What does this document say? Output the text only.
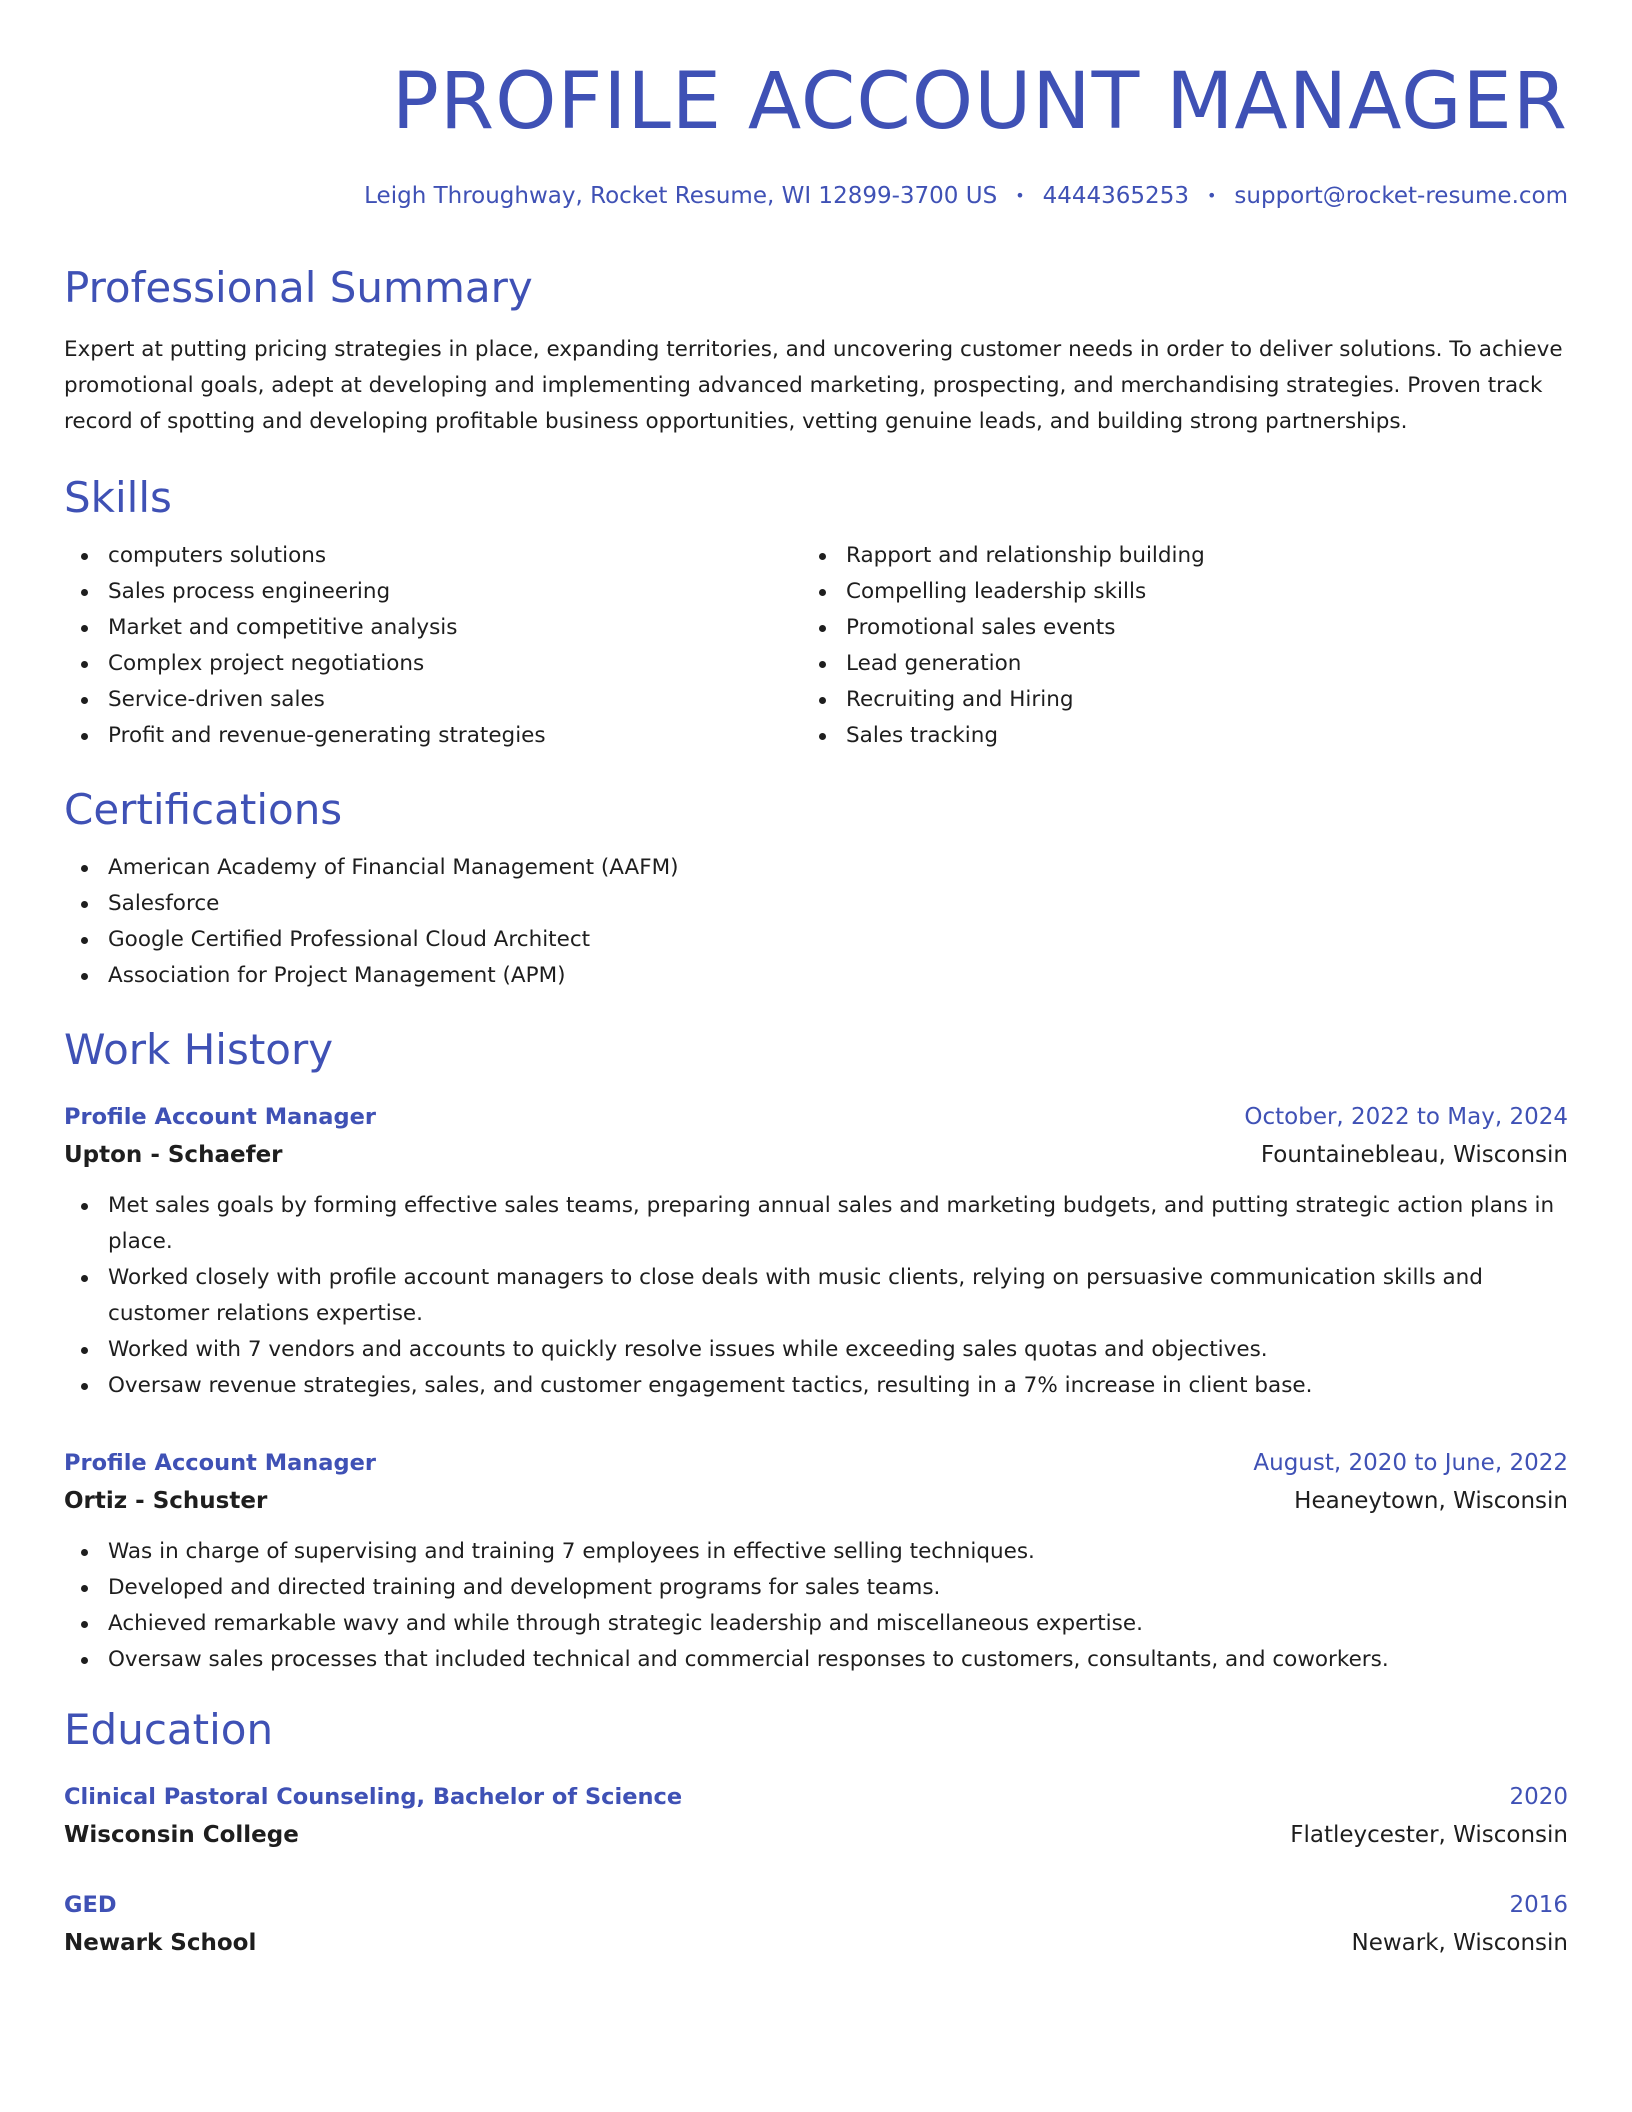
PROFILE ACCOUNT MANAGER
Leigh Throughway, Rocket Resume, WI 12899-3700 US • 4444365253 • support@rocket-resume.com
Professional Summary

Expert at putting pricing strategies in place, expanding territories, and uncovering customer needs in order to deliver solutions. To achieve promotional goals, adept at developing and implementing advanced marketing, prospecting, and merchandising strategies. Proven track record of spotting and developing profitable business opportunities, vetting genuine leads, and building strong partnerships.

Skills
computers solutions
Sales process engineering
Market and competitive analysis
Complex project negotiations
Service-driven sales
Profit and revenue-generating strategies
Rapport and relationship building
Compelling leadership skills
Promotional sales events
Lead generation
Recruiting and Hiring
Sales tracking
Certifications
American Academy of Financial Management (AAFM)
Salesforce
Google Certified Professional Cloud Architect
Association for Project Management (APM)
Work History
Profile Account Manager	October, 2022 to May, 2024
Upton - Schaefer	Fountainebleau, Wisconsin
Met sales goals by forming effective sales teams, preparing annual sales and marketing budgets, and putting strategic action plans in place.
Worked closely with profile account managers to close deals with music clients, relying on persuasive communication skills and customer relations expertise.
Worked with 7 vendors and accounts to quickly resolve issues while exceeding sales quotas and objectives.
Oversaw revenue strategies, sales, and customer engagement tactics, resulting in a 7% increase in client base.
Profile Account Manager	August, 2020 to June, 2022
Ortiz - Schuster	Heaneytown, Wisconsin
Was in charge of supervising and training 7 employees in effective selling techniques.
Developed and directed training and development programs for sales teams.
Achieved remarkable wavy and while through strategic leadership and miscellaneous expertise.
Oversaw sales processes that included technical and commercial responses to customers, consultants, and coworkers.
Education
Clinical Pastoral Counseling, Bachelor of Science	2020
Wisconsin College	Flatleycester, Wisconsin
GED	2016
Newark School	Newark, Wisconsin
